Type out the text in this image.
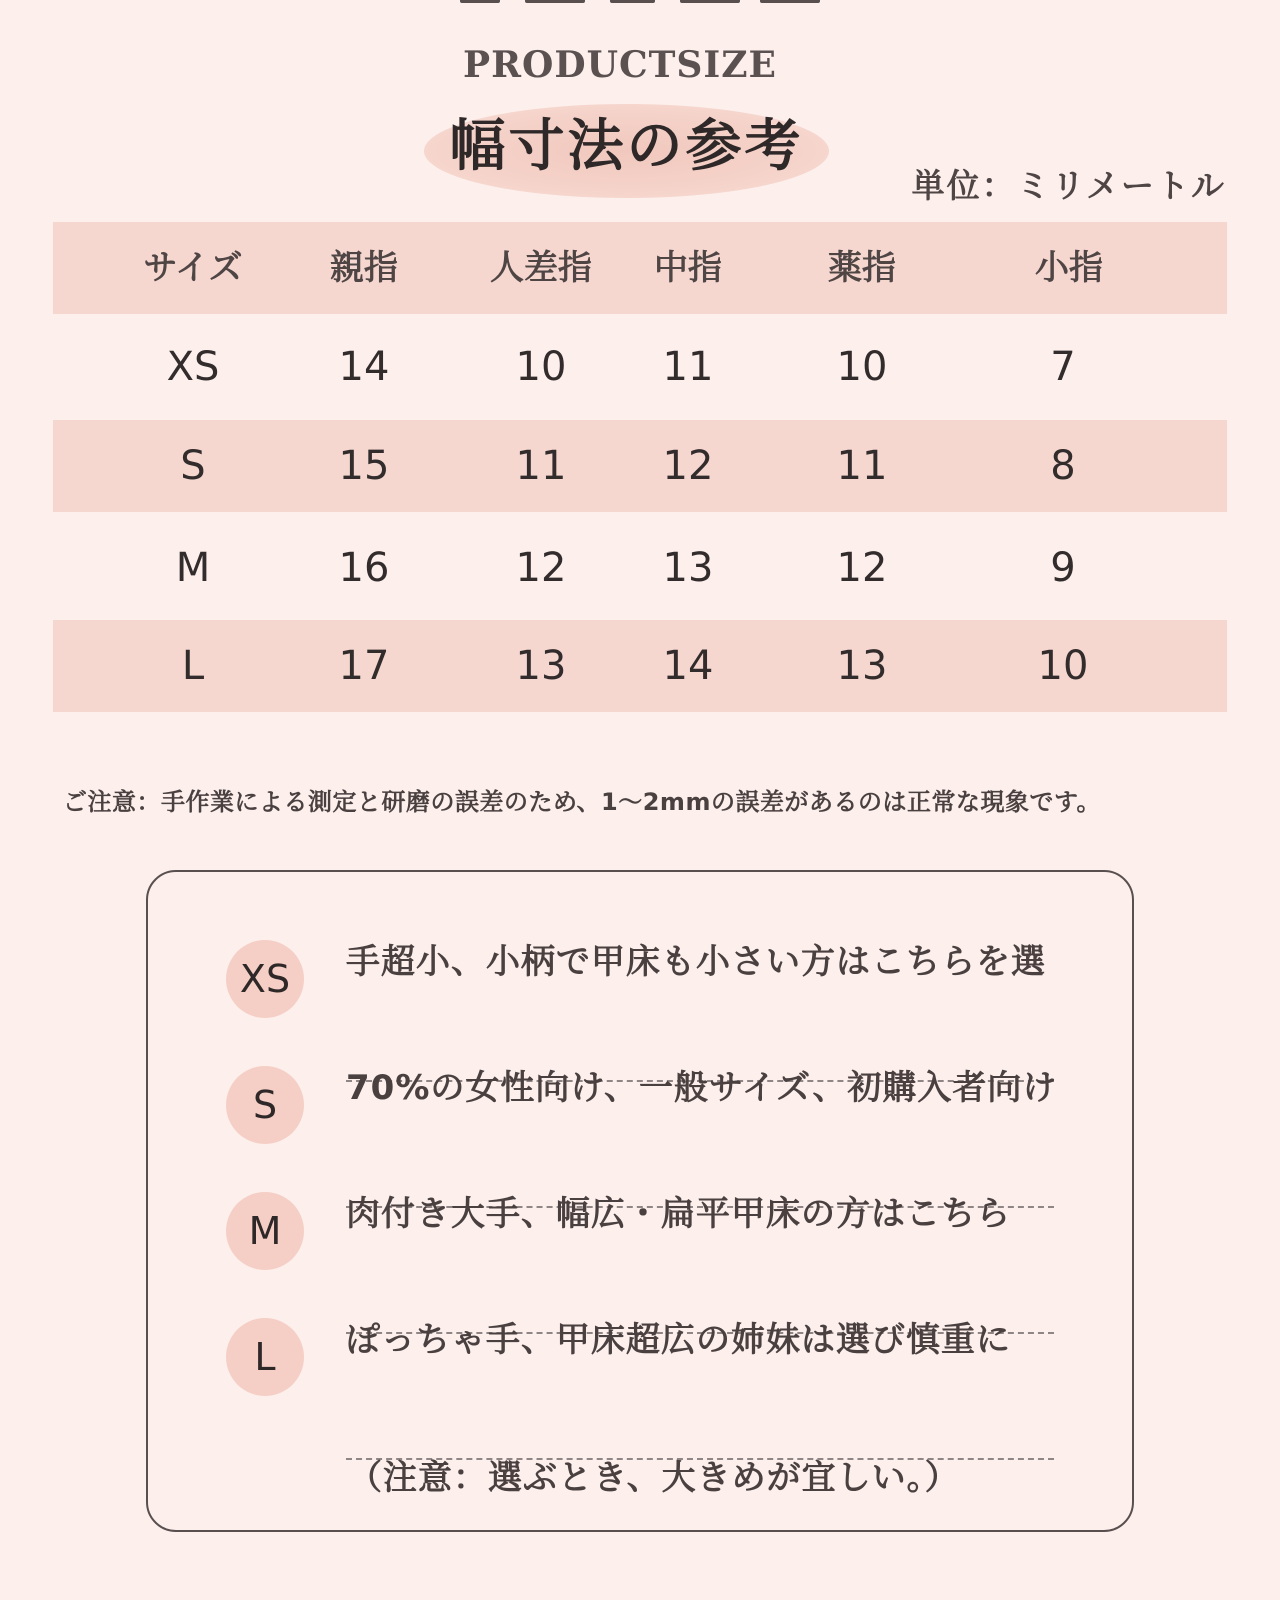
PRODUCTSIZE
幅寸法の参考
単位：ミリメートル
サイズ	親指	人差指	中指	薬指	小指
XS	14	10	11	10	7
S	15	11	12	11	8
M	16	12	13	12	9
L	17	13	14	13	10
ご注意：手作業による測定と研磨の誤差のため、1〜2mmの誤差があるのは正常な現象です。
XS	手超小、小柄で甲床も小さい方はこちらを選
S	70%の女性向け、一般サイズ、初購入者向け
M	肉付き大手、幅広・扁平甲床の方はこちら
L	ぽっちゃ手、甲床超広の姉妹は選び慎重に
（注意：選ぶとき、大きめが宜しい。）
